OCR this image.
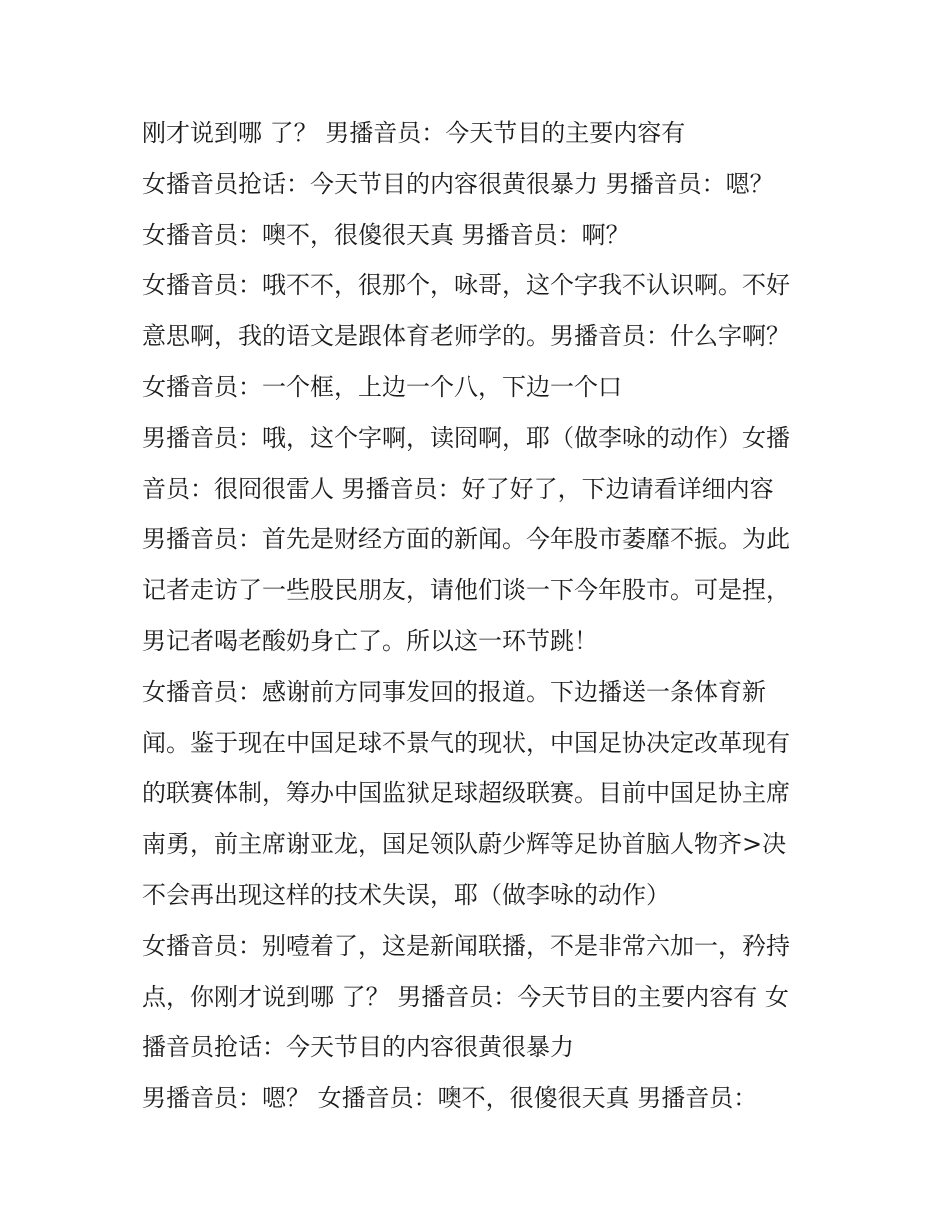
刚才说到哪 了？ 男播音员：今天节目的主要内容有
女播音员抢话：今天节目的内容很黄很暴力 男播音员：嗯？
女播音员：噢不，很傻很天真 男播音员：啊？
女播音员：哦不不，很那个，咏哥，这个字我不认识啊。不好
意思啊，我的语文是跟体育老师学的。男播音员：什么字啊？
女播音员：一个框，上边一个八，下边一个口
男播音员：哦，这个字啊，读冏啊，耶（做李咏的动作）女播
音员：很冏很雷人 男播音员：好了好了，下边请看详细内容
男播音员：首先是财经方面的新闻。今年股市萎靡不振。为此
记者走访了一些股民朋友，请他们谈一下今年股市。可是捏，
男记者喝老酸奶身亡了。所以这一环节跳！
女播音员：感谢前方同事发回的报道。下边播送一条体育新
闻。鉴于现在中国足球不景气的现状，中国足协决定改革现有
的联赛体制，筹办中国监狱足球超级联赛。目前中国足协主席
南勇，前主席谢亚龙，国足领队蔚少辉等足协首脑人物齐>决
不会再出现这样的技术失误，耶（做李咏的动作）
女播音员：别噎着了，这是新闻联播，不是非常六加一，矜持
点，你刚才说到哪 了？ 男播音员：今天节目的主要内容有 女
播音员抢话：今天节目的内容很黄很暴力
男播音员：嗯？ 女播音员：噢不，很傻很天真 男播音员：
